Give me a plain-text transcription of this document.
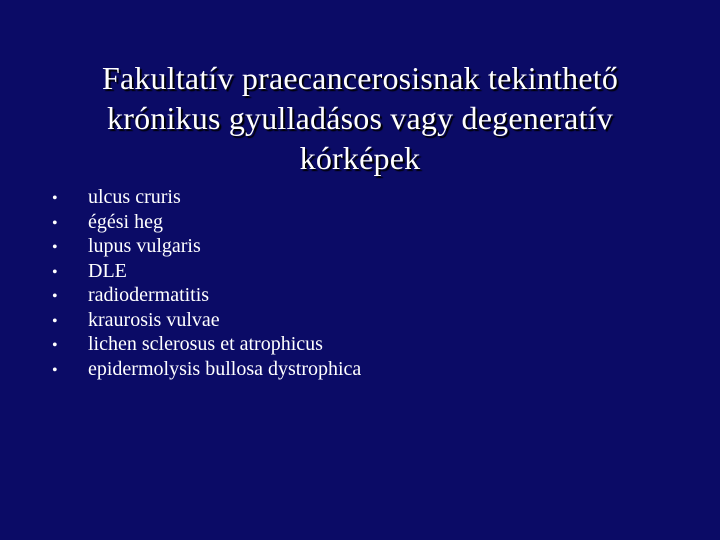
Fakultatív praecancerosisnak tekinthető
krónikus gyulladásos vagy degeneratív
kórképek
•	ulcus cruris
•	égési heg
•	lupus vulgaris
•	DLE
•	radiodermatitis
•	kraurosis vulvae
•	lichen sclerosus et atrophicus
•	epidermolysis bullosa dystrophica
